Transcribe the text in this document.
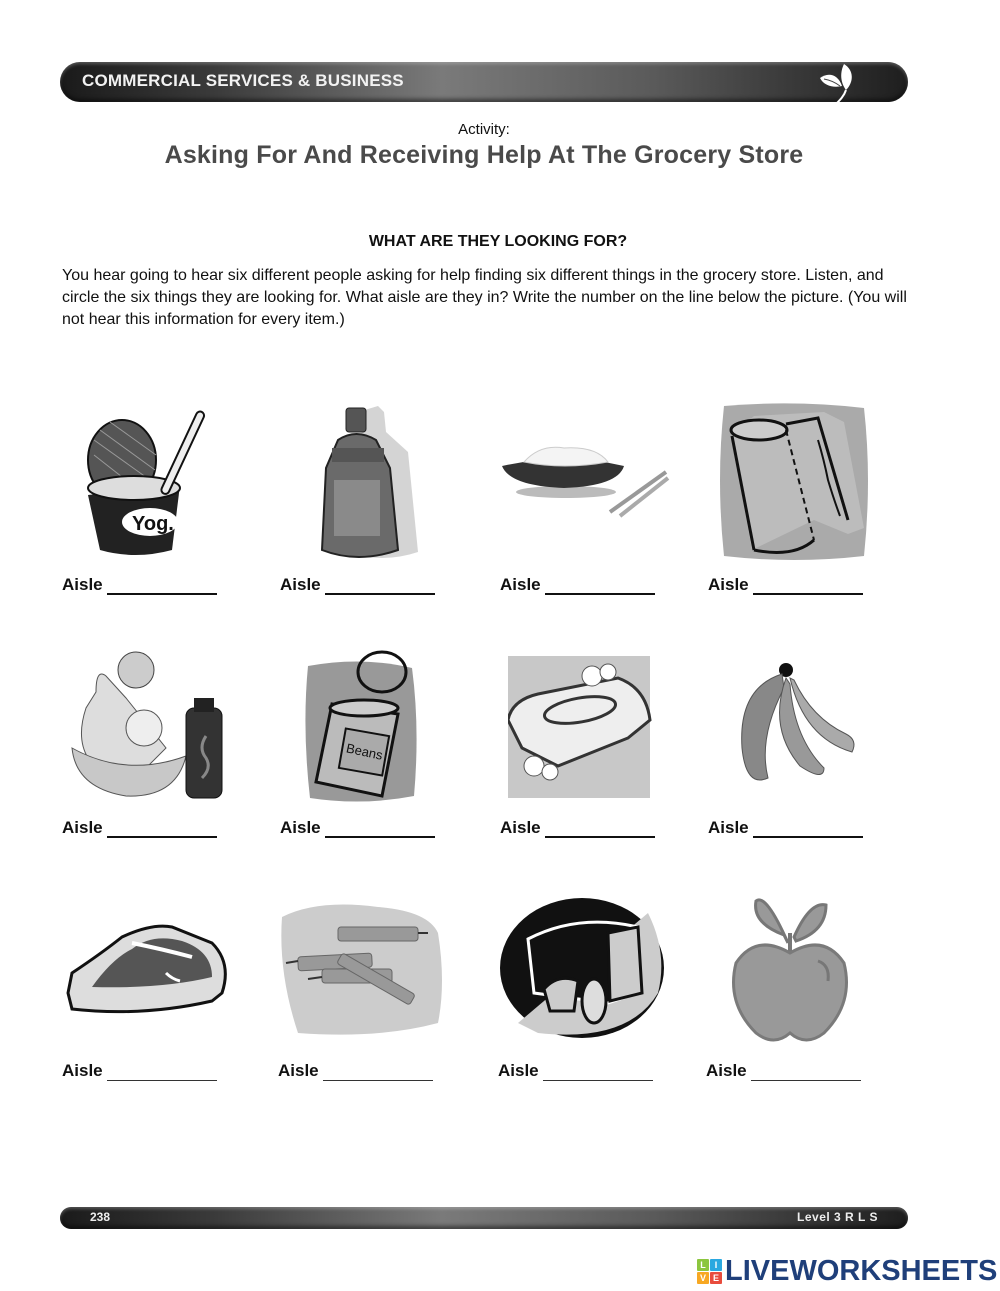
COMMERCIAL SERVICES & BUSINESS
Activity:
Asking For And Receiving Help At The Grocery Store
WHAT ARE THEY LOOKING FOR?
You hear going to hear six different people asking for help finding six different things in the grocery store. Listen, and circle the six things they are looking for. What aisle are they in? Write the number on the line below the picture. (You will not hear this information for every item.)
Yog.
Aisle	Aisle	Aisle	Aisle
Aisle
Beans
Aisle	Aisle	Aisle
Aisle	Aisle	Aisle	Aisle
238	Level 3 R L S
L I
V E LIVEWORKSHEETS
